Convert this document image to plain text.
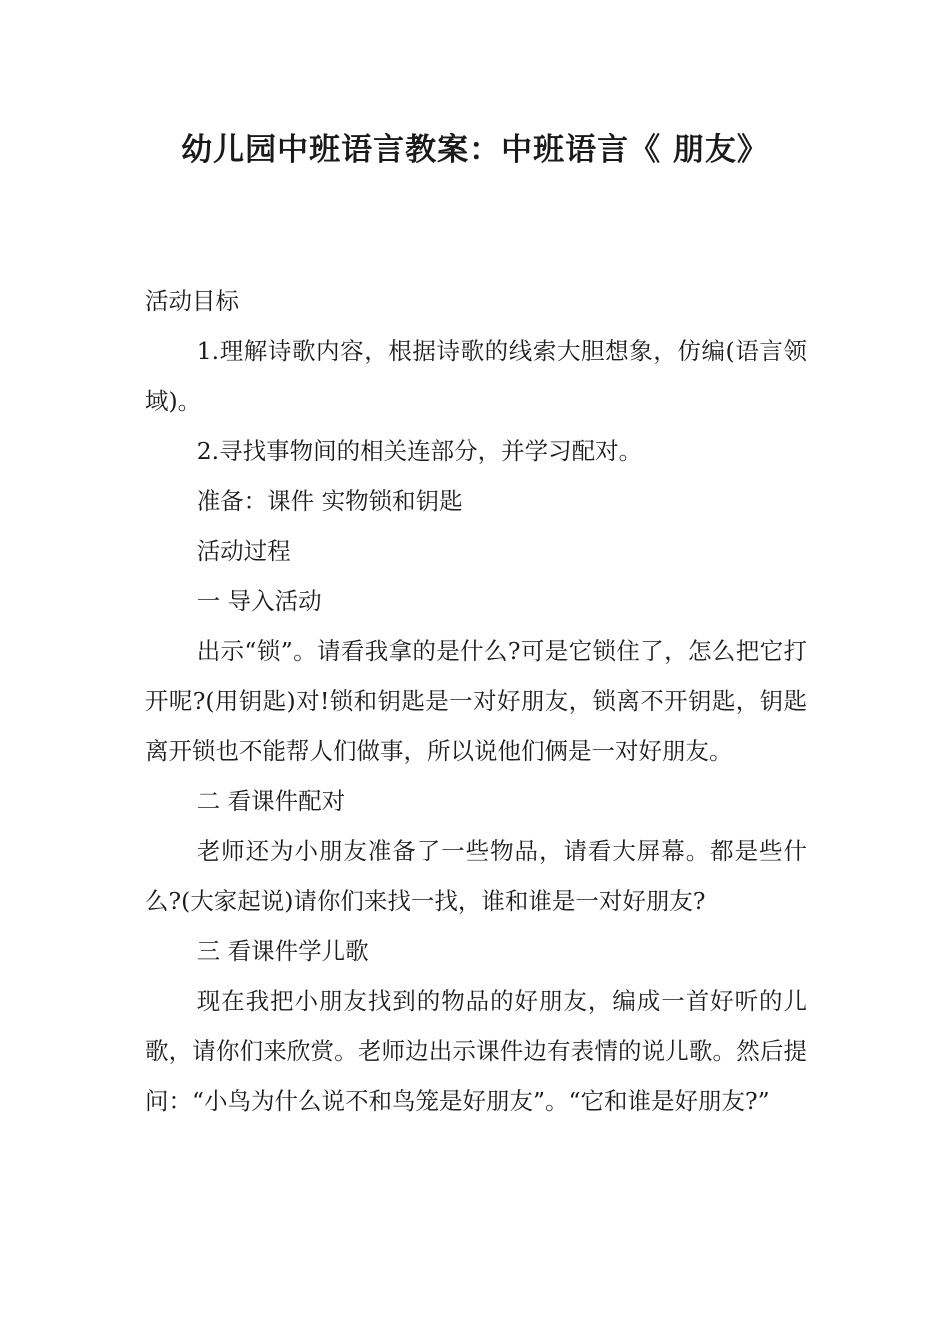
幼儿园中班语言教案：中班语言《 朋友》

活动目标

1.理解诗歌内容，根据诗歌的线索大胆想象，仿编(语言领域)。

2.寻找事物间的相关连部分，并学习配对。

准备：课件 实物锁和钥匙

活动过程

一 导入活动

出示“锁”。请看我拿的是什么?可是它锁住了，怎么把它打开呢?(用钥匙)对!锁和钥匙是一对好朋友，锁离不开钥匙，钥匙离开锁也不能帮人们做事，所以说他们俩是一对好朋友。

二 看课件配对

老师还为小朋友准备了一些物品，请看大屏幕。都是些什么?(大家起说)请你们来找一找，谁和谁是一对好朋友?

三 看课件学儿歌

现在我把小朋友找到的物品的好朋友，编成一首好听的儿歌，请你们来欣赏。老师边出示课件边有表情的说儿歌。然后提问：“小鸟为什么说不和鸟笼是好朋友”。“它和谁是好朋友?”
